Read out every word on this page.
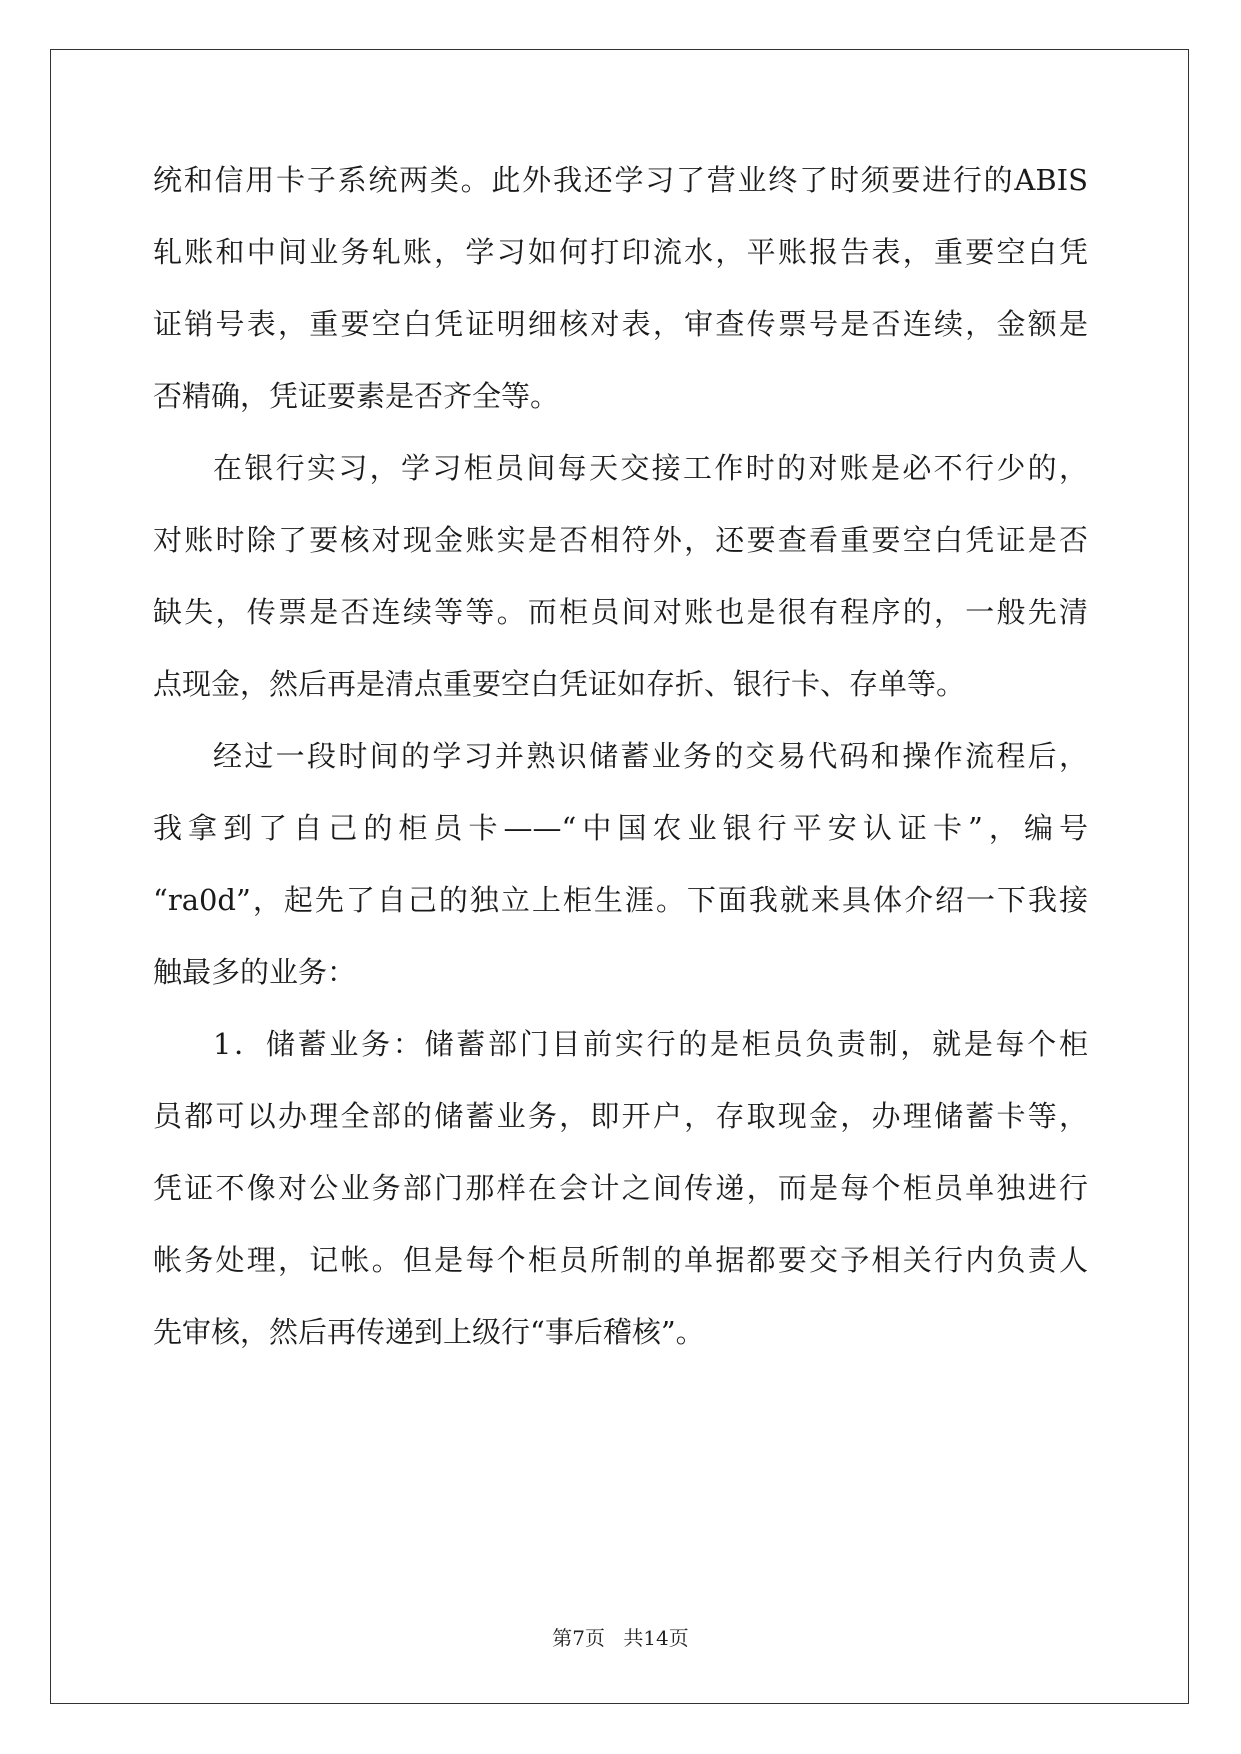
统和信用卡子系统两类。此外我还学习了营业终了时须要进行的ABIS
轧账和中间业务轧账，学习如何打印流水，平账报告表，重要空白凭
证销号表，重要空白凭证明细核对表，审查传票号是否连续，金额是
否精确，凭证要素是否齐全等。
在银行实习，学习柜员间每天交接工作时的对账是必不行少的，
对账时除了要核对现金账实是否相符外，还要查看重要空白凭证是否
缺失，传票是否连续等等。而柜员间对账也是很有程序的，一般先清
点现金，然后再是清点重要空白凭证如存折、银行卡、存单等。
经过一段时间的学习并熟识储蓄业务的交易代码和操作流程后，
我拿到了自己的柜员卡——“中国农业银行平安认证卡”，编号
“ra0d”，起先了自己的独立上柜生涯。下面我就来具体介绍一下我接
触最多的业务：
1．储蓄业务：储蓄部门目前实行的是柜员负责制，就是每个柜
员都可以办理全部的储蓄业务，即开户，存取现金，办理储蓄卡等，
凭证不像对公业务部门那样在会计之间传递，而是每个柜员单独进行
帐务处理，记帐。但是每个柜员所制的单据都要交予相关行内负责人
先审核，然后再传递到上级行“事后稽核”。
第7页 共14页
